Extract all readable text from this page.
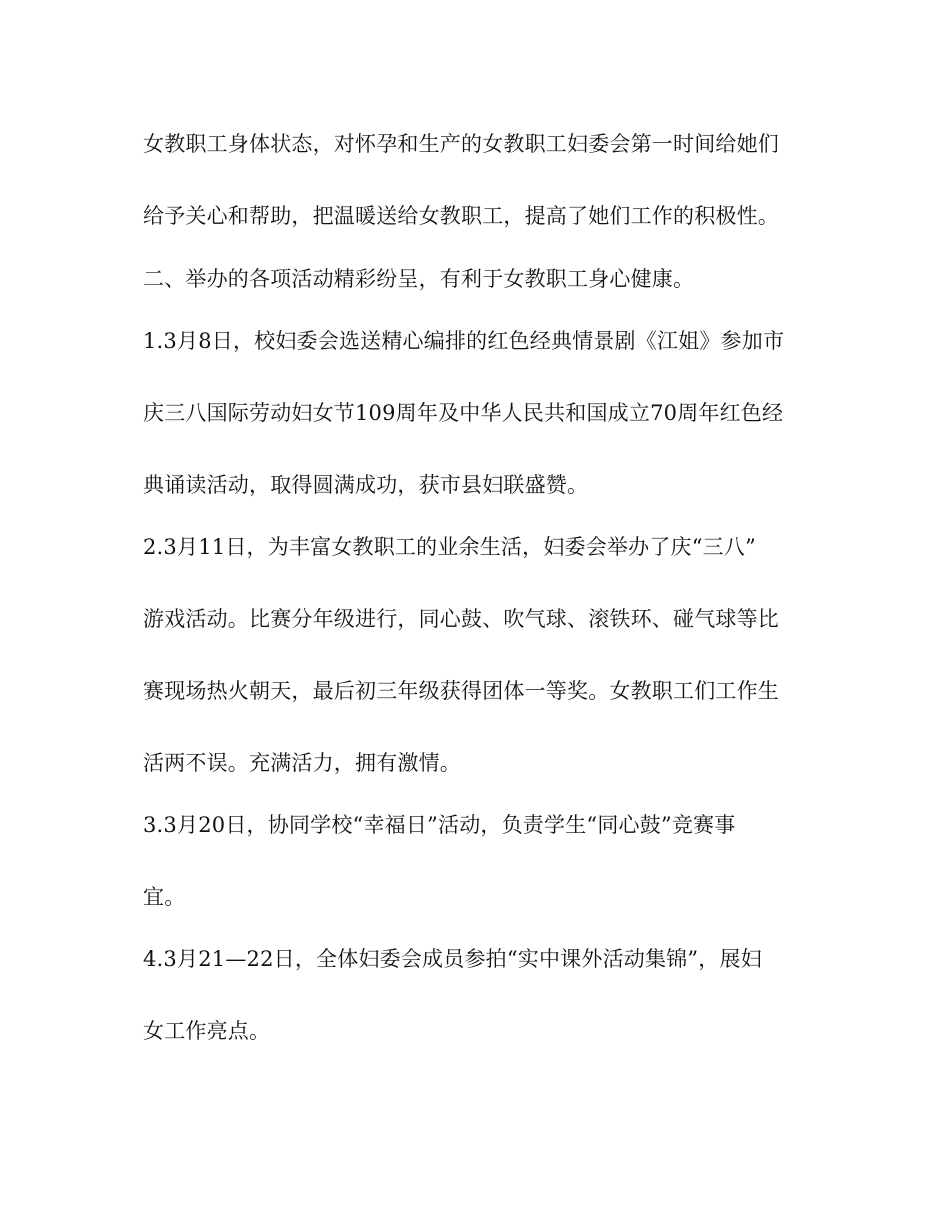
女教职工身体状态，对怀孕和生产的女教职工妇委会第一时间给她们
给予关心和帮助，把温暖送给女教职工，提高了她们工作的积极性。
二、举办的各项活动精彩纷呈，有利于女教职工身心健康。
1.3月8日，校妇委会选送精心编排的红色经典情景剧《江姐》参加市
庆三八国际劳动妇女节109周年及中华人民共和国成立70周年红色经
典诵读活动，取得圆满成功，获市县妇联盛赞。
2.3月11日，为丰富女教职工的业余生活，妇委会举办了庆“三八”
游戏活动。比赛分年级进行，同心鼓、吹气球、滚铁环、碰气球等比
赛现场热火朝天，最后初三年级获得团体一等奖。女教职工们工作生
活两不误。充满活力，拥有激情。
3.3月20日，协同学校“幸福日”活动，负责学生“同心鼓”竞赛事
宜。
4.3月21—22日，全体妇委会成员参拍“实中课外活动集锦”，展妇
女工作亮点。
